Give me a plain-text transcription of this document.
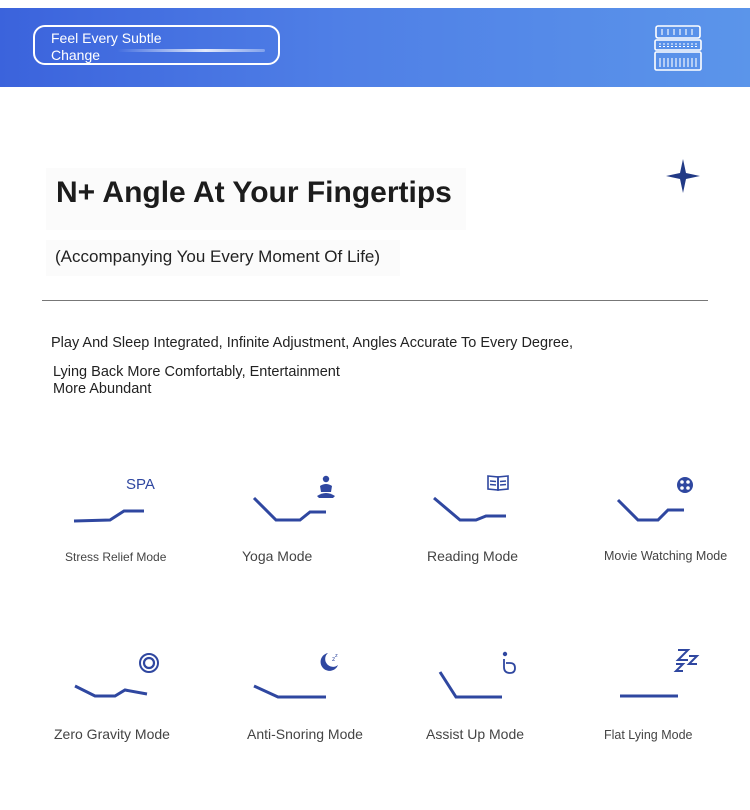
Feel Every Subtle Change
N+ Angle At Your Fingertips
(Accompanying You Every Moment Of Life)
Play And Sleep Integrated, Infinite Adjustment, Angles Accurate To Every Degree,
Lying Back More Comfortably, Entertainment
More Abundant
SPA
Stress Relief Mode	Yoga Mode	Reading Mode	Movie Watching Mode
Zero Gravity Mode
z z
Anti-Snoring Mode	Assist Up Mode	Flat Lying Mode
